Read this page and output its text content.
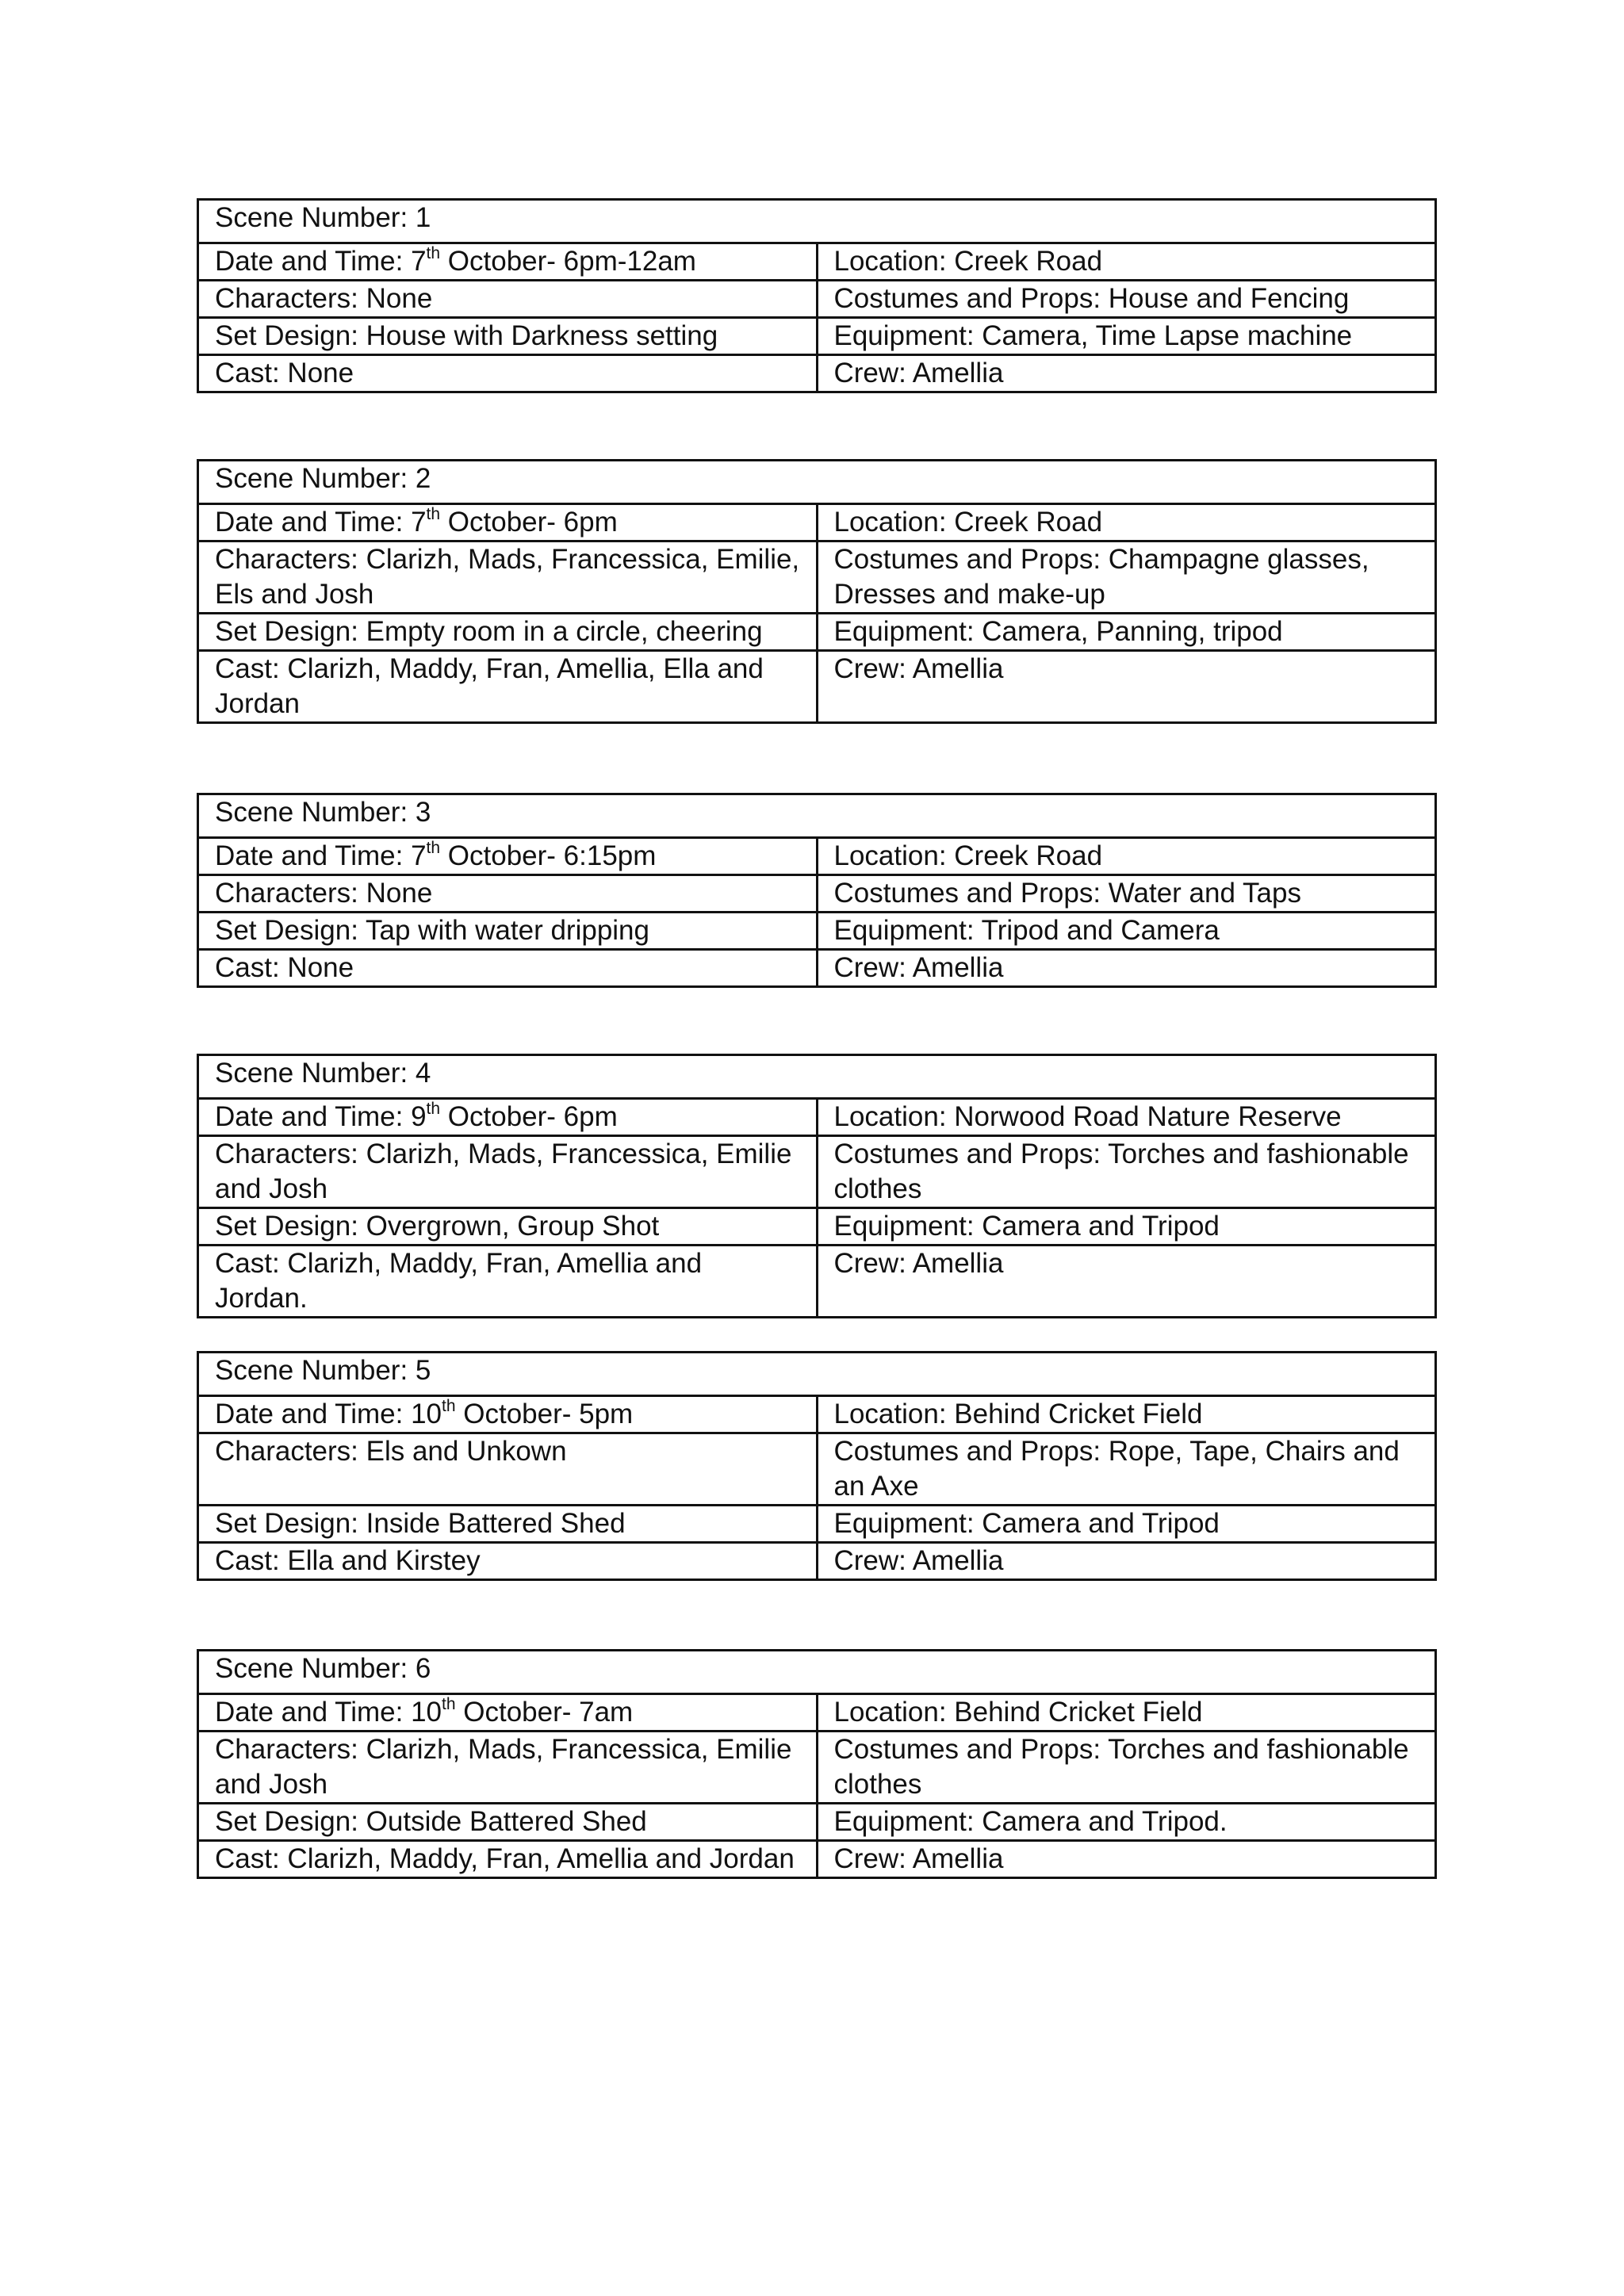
Scene Number: 1	
Date and Time: 7th October- 6pm-12am	Location: Creek Road
Characters: None	Costumes and Props: House and Fencing
Set Design: House with Darkness setting	Equipment: Camera, Time Lapse machine
Cast: None	Crew: Amellia
Scene Number: 2	
Date and Time: 7th October- 6pm	Location: Creek Road
Characters: Clarizh, Mads, Francessica, Emilie, Els and Josh	Costumes and Props: Champagne glasses, Dresses and make-up
Set Design: Empty room in a circle, cheering	Equipment: Camera, Panning, tripod
Cast: Clarizh, Maddy, Fran, Amellia, Ella and Jordan	Crew: Amellia
Scene Number: 3	
Date and Time: 7th October- 6:15pm	Location: Creek Road
Characters: None	Costumes and Props: Water and Taps
Set Design: Tap with water dripping	Equipment: Tripod and Camera
Cast: None	Crew: Amellia
Scene Number: 4	
Date and Time: 9th October- 6pm	Location: Norwood Road Nature Reserve
Characters: Clarizh, Mads, Francessica, Emilie and Josh	Costumes and Props: Torches and fashionable clothes
Set Design: Overgrown, Group Shot	Equipment: Camera and Tripod
Cast: Clarizh, Maddy, Fran, Amellia and Jordan.	Crew: Amellia
Scene Number: 5	
Date and Time: 10th October- 5pm	Location: Behind Cricket Field
Characters: Els and Unkown	Costumes and Props: Rope, Tape, Chairs and an Axe
Set Design: Inside Battered Shed	Equipment: Camera and Tripod
Cast: Ella and Kirstey	Crew: Amellia
Scene Number: 6	
Date and Time: 10th October- 7am	Location: Behind Cricket Field
Characters: Clarizh, Mads, Francessica, Emilie and Josh	Costumes and Props: Torches and fashionable clothes
Set Design: Outside Battered Shed	Equipment: Camera and Tripod.
Cast: Clarizh, Maddy, Fran, Amellia and Jordan	Crew: Amellia
